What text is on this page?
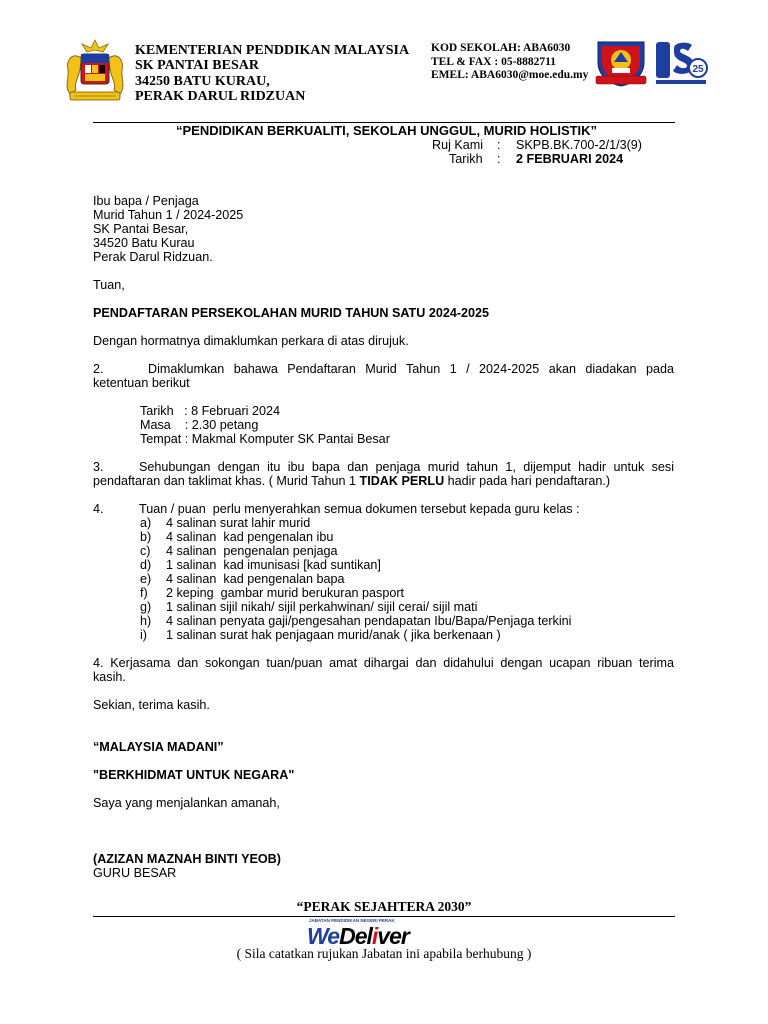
KEMENTERIAN PENDDIKAN MALAYSIA
SK PANTAI BESAR
34250 BATU KURAU,
PERAK DARUL RIDZUAN
KOD SEKOLAH: ABA6030
TEL & FAX : 05-8882711
EMEL: ABA6030@moe.edu.my	25
“PENDIDIKAN BERKUALITI, SEKOLAH UNGGUL, MURID HOLISTIK”
Ruj Kami : SKPB.BK.700-2/1/3(9)
Tarikh : 2 FEBRUARI 2024
Ibu bapa / Penjaga
Murid Tahun 1 / 2024-2025
SK Pantai Besar,
34520 Batu Kurau
Perak Darul Ridzuan.
Tuan,
PENDAFTARAN PERSEKOLAHAN MURID TAHUN SATU 2024-2025
Dengan hormatnya dimaklumkan perkara di atas dirujuk.
2.	Dimaklumkan bahawa Pendaftaran Murid Tahun 1 / 2024-2025 akan diadakan pada
ketentuan berikut
Tarikh   : 8 Februari 2024
Masa    : 2.30 petang
Tempat : Makmal Komputer SK Pantai Besar
3.	Sehubungan dengan itu ibu bapa dan penjaga murid tahun 1, dijemput hadir untuk sesi
pendaftaran dan taklimat khas. ( Murid Tahun 1 TIDAK PERLU hadir pada hari pendaftaran.)
4.	Tuan / puan  perlu menyerahkan semua dokumen tersebut kepada guru kelas :
a) 4 salinan surat lahir murid
b) 4 salinan  kad pengenalan ibu
c) 4 salinan  pengenalan penjaga
d) 1 salinan  kad imunisasi [kad suntikan]
e) 4 salinan  kad pengenalan bapa
f) 2 keping  gambar murid berukuran pasport
g) 1 salinan sijil nikah/ sijil perkahwinan/ sijil cerai/ sijil mati
h) 4 salinan penyata gaji/pengesahan pendapatan Ibu/Bapa/Penjaga terkini
i) 1 salinan surat hak penjagaan murid/anak ( jika berkenaan )
4. Kerjasama dan sokongan tuan/puan amat dihargai dan didahului dengan ucapan ribuan terima
kasih.
Sekian, terima kasih.
“MALAYSIA MADANI”
"BERKHIDMAT UNTUK NEGARA"
Saya yang menjalankan amanah,
(AZIZAN MAZNAH BINTI YEOB)
GURU BESAR
“PERAK SEJAHTERA 2030”
JABATAN PENDIDIKAN NEGERI PERAK
WeDeliver
( Sila catatkan rujukan Jabatan ini apabila berhubung )
